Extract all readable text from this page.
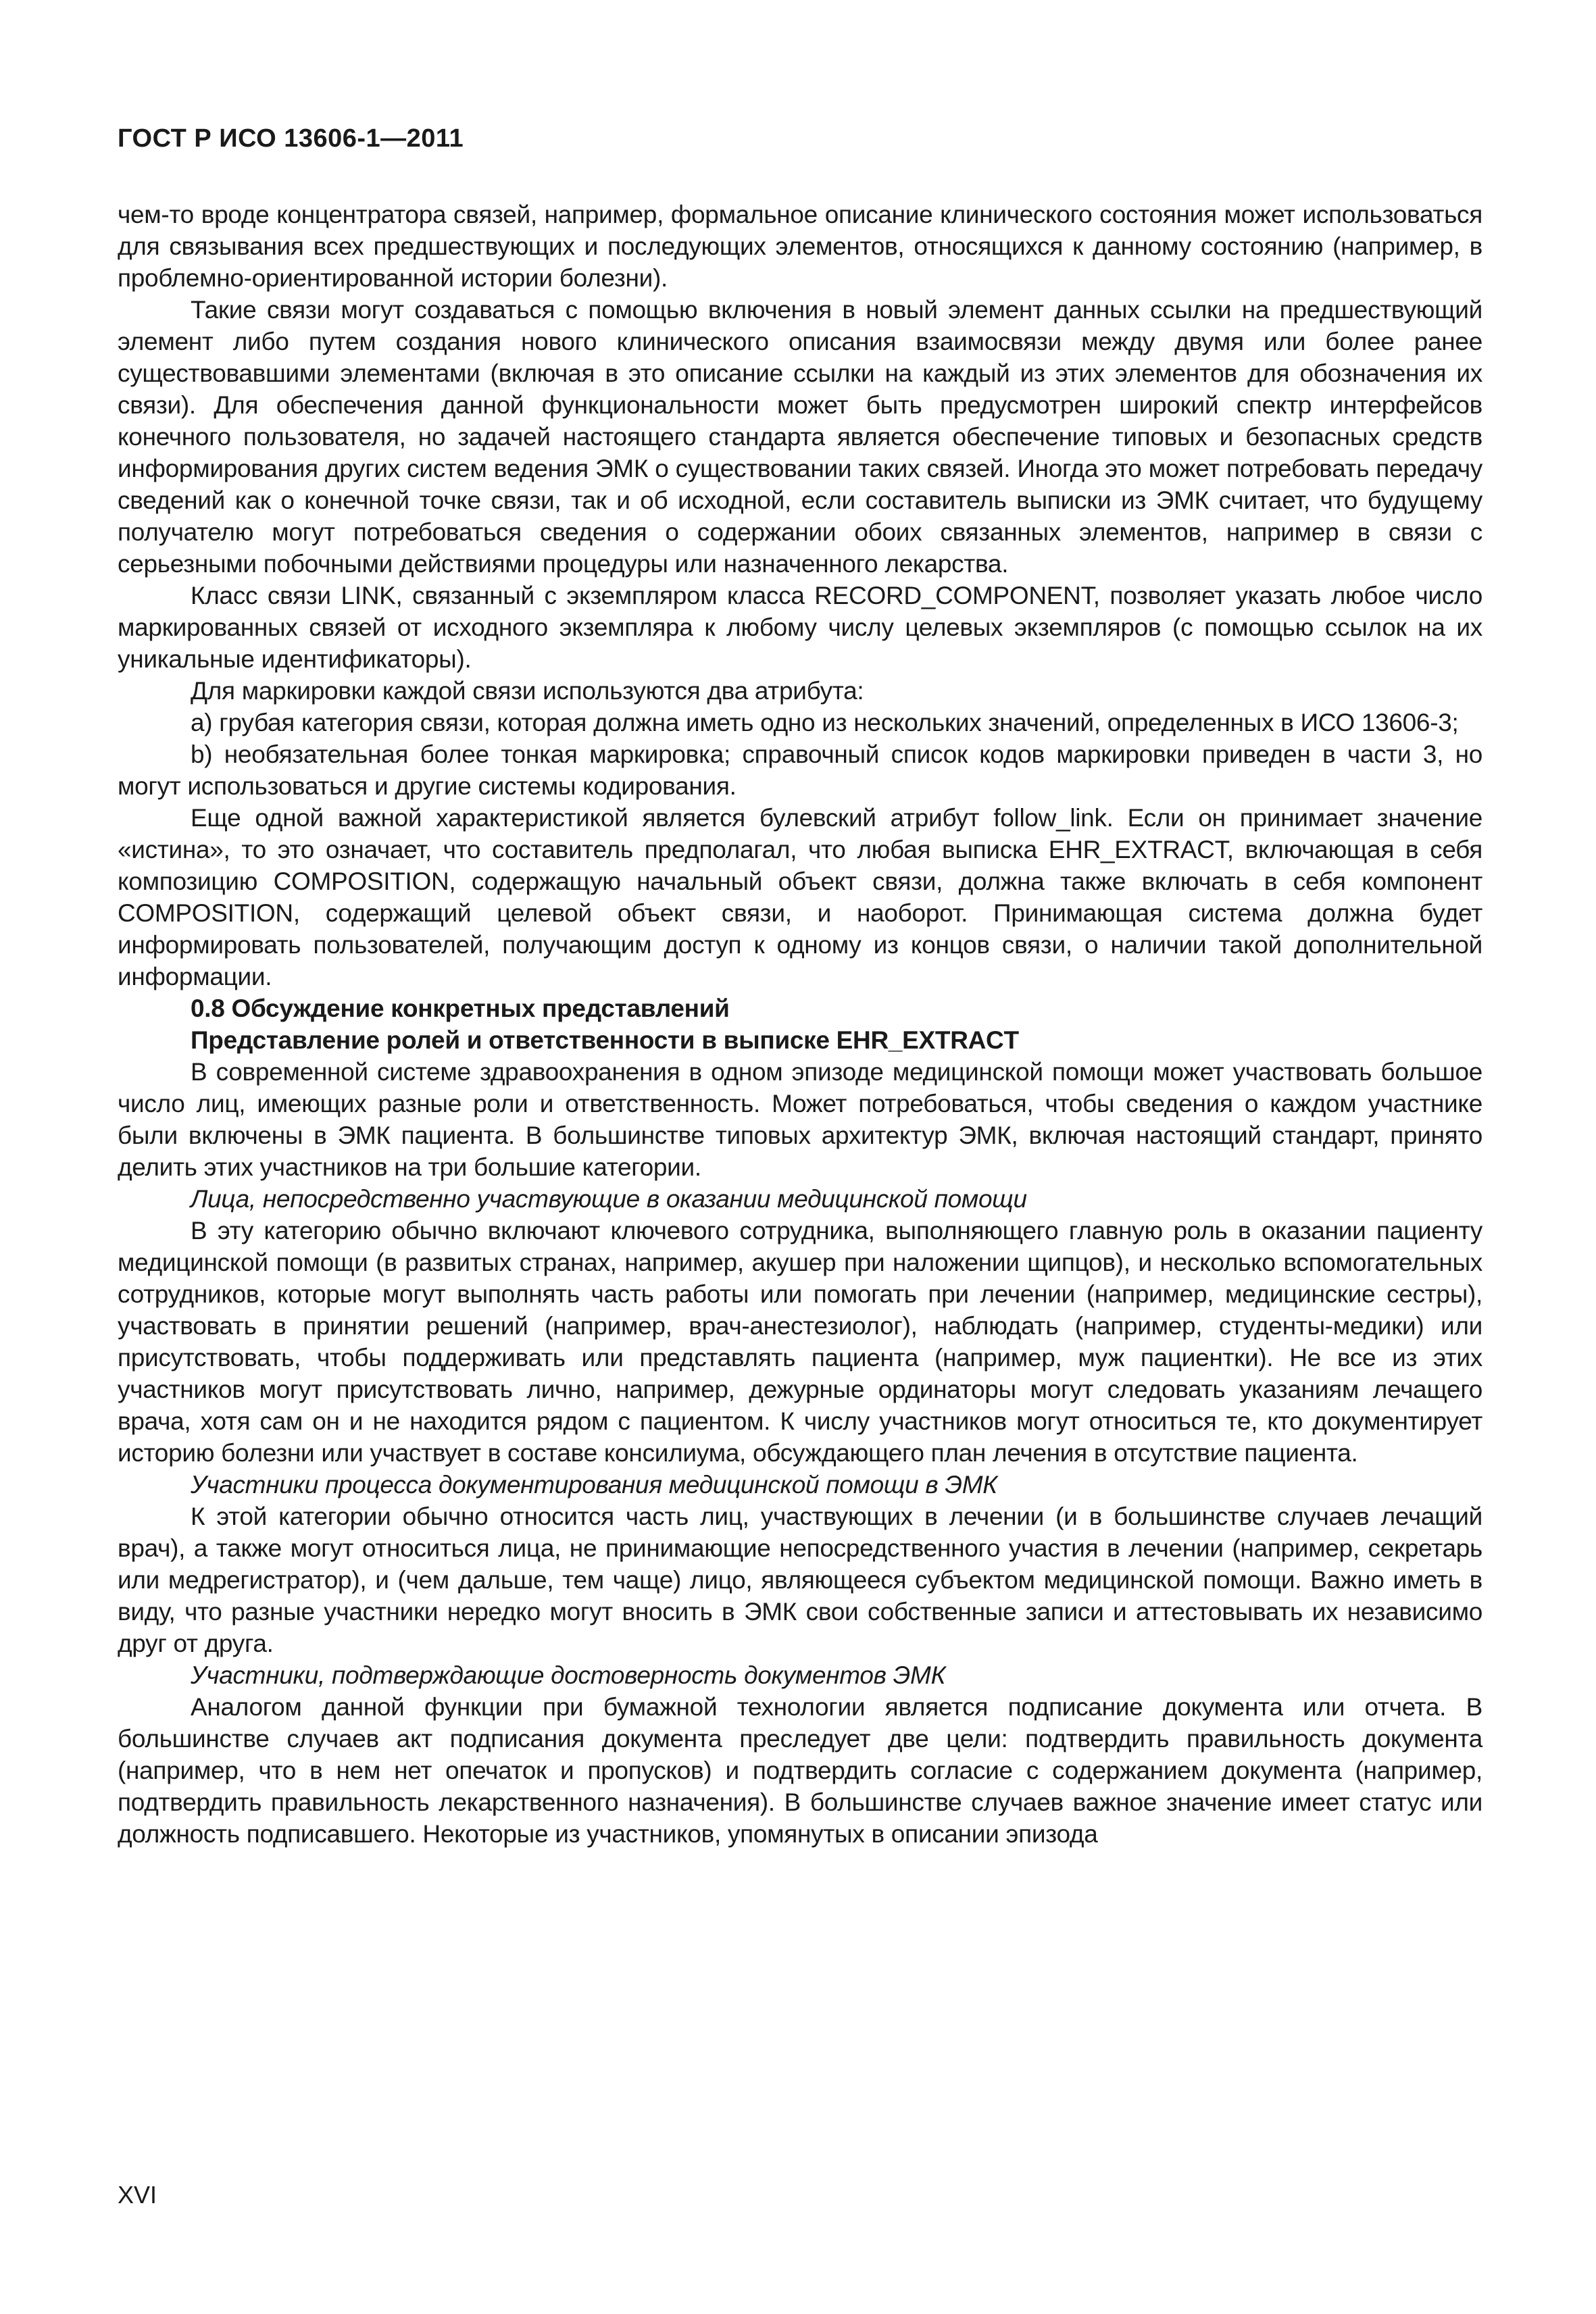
ГОСТ Р ИСО 13606-1—2011

чем-то вроде концентратора связей, например, формальное описание клинического состояния может использоваться для связывания всех предшествующих и последующих элементов, относящихся к данному состоянию (например, в проблемно-ориентированной истории болезни).

Такие связи могут создаваться с помощью включения в новый элемент данных ссылки на предшествующий элемент либо путем создания нового клинического описания взаимосвязи между двумя или более ранее существовавшими элементами (включая в это описание ссылки на каждый из этих элементов для обозначения их связи). Для обеспечения данной функциональности может быть предусмотрен широкий спектр интерфейсов конечного пользователя, но задачей настоящего стандарта является обеспечение типовых и безопасных средств информирования других систем ведения ЭМК о существовании таких связей. Иногда это может потребовать передачу сведений как о конечной точке связи, так и об исходной, если составитель выписки из ЭМК считает, что будущему получателю могут потребоваться сведения о содержании обоих связанных элементов, например в связи с серьезными побочными действиями процедуры или назначенного лекарства.

Класс связи LINK, связанный с экземпляром класса RECORD_COMPONENT, позволяет указать любое число маркированных связей от исходного экземпляра к любому числу целевых экземпляров (с помощью ссылок на их уникальные идентификаторы).

Для маркировки каждой связи используются два атрибута:

a) грубая категория связи, которая должна иметь одно из нескольких значений, определенных в ИСО 13606-3;

b) необязательная более тонкая маркировка; справочный список кодов маркировки приведен в части 3, но могут использоваться и другие системы кодирования.

Еще одной важной характеристикой является булевский атрибут follow_link. Если он принимает значение «истина», то это означает, что составитель предполагал, что любая выписка EHR_EXTRACT, включающая в себя композицию COMPOSITION, содержащую начальный объект связи, должна также включать в себя компонент COMPOSITION, содержащий целевой объект связи, и наоборот. Принимающая система должна будет информировать пользователей, получающим доступ к одному из концов связи, о наличии такой дополнительной информации.

0.8 Обсуждение конкретных представлений

Представление ролей и ответственности в выписке EHR_EXTRACT

В современной системе здравоохранения в одном эпизоде медицинской помощи может участвовать большое число лиц, имеющих разные роли и ответственность. Может потребоваться, чтобы сведения о каждом участнике были включены в ЭМК пациента. В большинстве типовых архитектур ЭМК, включая настоящий стандарт, принято делить этих участников на три большие категории.

Лица, непосредственно участвующие в оказании медицинской помощи

В эту категорию обычно включают ключевого сотрудника, выполняющего главную роль в оказании пациенту медицинской помощи (в развитых странах, например, акушер при наложении щипцов), и несколько вспомогательных сотрудников, которые могут выполнять часть работы или помогать при лечении (например, медицинские сестры), участвовать в принятии решений (например, врач-анестезиолог), наблюдать (например, студенты-медики) или присутствовать, чтобы поддерживать или представлять пациента (например, муж пациентки). Не все из этих участников могут присутствовать лично, например, дежурные ординаторы могут следовать указаниям лечащего врача, хотя сам он и не находится рядом с пациентом. К числу участников могут относиться те, кто документирует историю болезни или участвует в составе консилиума, обсуждающего план лечения в отсутствие пациента.

Участники процесса документирования медицинской помощи в ЭМК

К этой категории обычно относится часть лиц, участвующих в лечении (и в большинстве случаев лечащий врач), а также могут относиться лица, не принимающие непосредственного участия в лечении (например, секретарь или медрегистратор), и (чем дальше, тем чаще) лицо, являющееся субъектом медицинской помощи. Важно иметь в виду, что разные участники нередко могут вносить в ЭМК свои собственные записи и аттестовывать их независимо друг от друга.

Участники, подтверждающие достоверность документов ЭМК

Аналогом данной функции при бумажной технологии является подписание документа или отчета. В большинстве случаев акт подписания документа преследует две цели: подтвердить правильность документа (например, что в нем нет опечаток и пропусков) и подтвердить согласие с содержанием документа (например, подтвердить правильность лекарственного назначения). В большинстве случаев важное значение имеет статус или должность подписавшего. Некоторые из участников, упомянутых в описании эпизода

XVI
